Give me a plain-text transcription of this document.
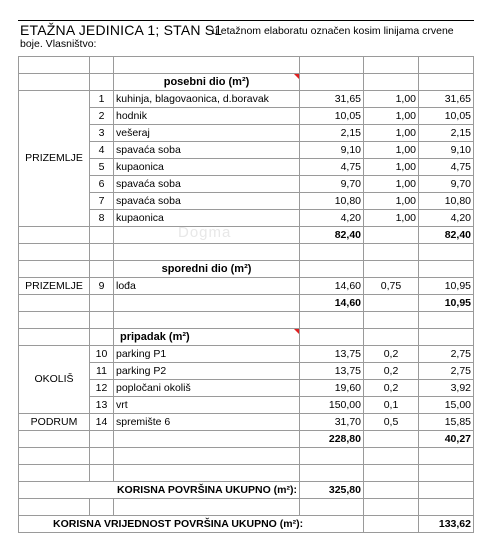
ETAŽNA JEDINICA 1; STAN S1
u etažnom elaboratu označen kosim linijama crvene
boje. Vlasništvo:
Dogma

		posebni dio (m²)

PRIZEMLJE	1	kuhinja, blagovaonica, d.boravak	31,65	1,00	31,65
	2	hodnik	10,05	1,00	10,05
	3	vešeraj	2,15	1,00	2,15
	4	spavaća soba	9,10	1,00	9,10
	5	kupaonica	4,75	1,00	4,75
	6	spavaća soba	9,70	1,00	9,70
	7	spavaća soba	10,80	1,00	10,80
	8	kupaonica	4,20	1,00	4,20
			82,40		82,40

		sporedni dio (m²)			
PRIZEMLJE	9	lođa	14,60	0,75	10,95
			14,60		10,95

		pripadak (m²)

OKOLIŠ	10	parking P1	13,75	0,2	2,75
	11	parking P2	13,75	0,2	2,75
	12	popločani okoliš	19,60	0,2	3,92
	13	vrt	150,00	0,1	15,00
PODRUM	14	spremište 6	31,70	0,5	15,85
			228,80		40,27

KORISNA POVRŠINA UKUPNO (m²):			325,80		

KORISNA VRIJEDNOST POVRŠINA UKUPNO (m²):					133,62
